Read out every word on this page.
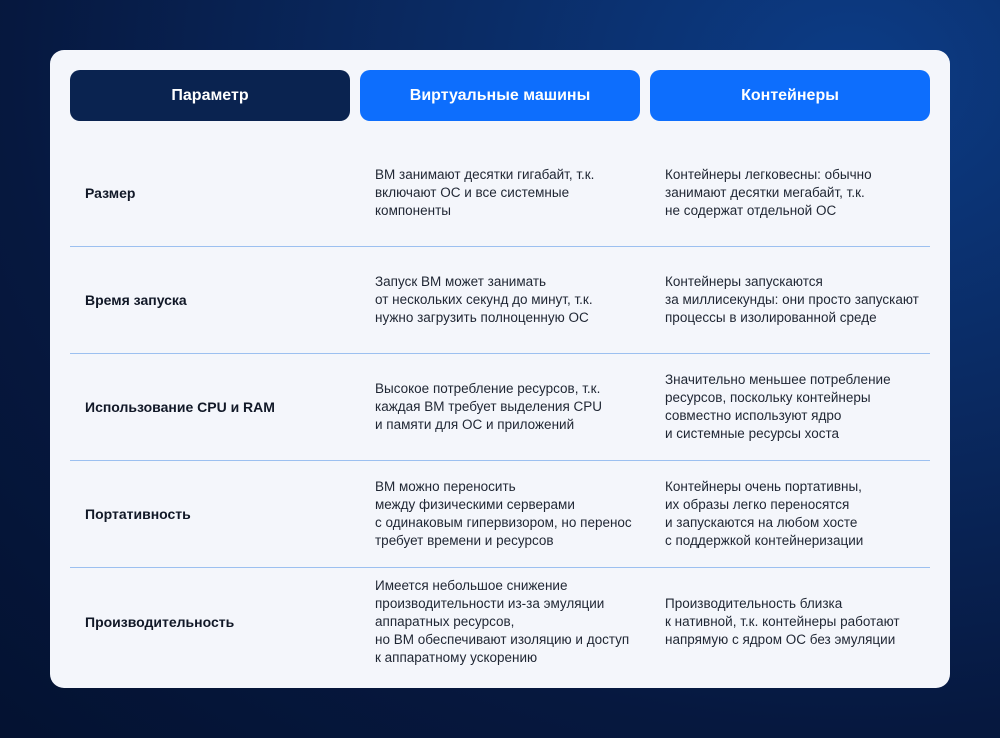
Параметр	Виртуальные машины	Контейнеры
Размер
ВМ занимают десятки гигабайт, т.к.
включают ОС и все системные
компоненты
Контейнеры легковесны: обычно
занимают десятки мегабайт, т.к.
не содержат отдельной ОС
Время запуска
Запуск ВМ может занимать
от нескольких секунд до минут, т.к.
нужно загрузить полноценную ОС
Контейнеры запускаются
за миллисекунды: они просто запускают
процессы в изолированной среде
Использование CPU и RAM
Высокое потребление ресурсов, т.к.
каждая ВМ требует выделения CPU
и памяти для ОС и приложений
Значительно меньшее потребление
ресурсов, поскольку контейнеры
совместно используют ядро
и системные ресурсы хоста
Портативность
ВМ можно переносить
между физическими серверами
с одинаковым гипервизором, но перенос
требует времени и ресурсов
Контейнеры очень портативны,
их образы легко переносятся
и запускаются на любом хосте
с поддержкой контейнеризации
Производительность
Имеется небольшое снижение
производительности из-за эмуляции
аппаратных ресурсов,
но ВМ обеспечивают изоляцию и доступ
к аппаратному ускорению
Производительность близка
к нативной, т.к. контейнеры работают
напрямую с ядром ОС без эмуляции
